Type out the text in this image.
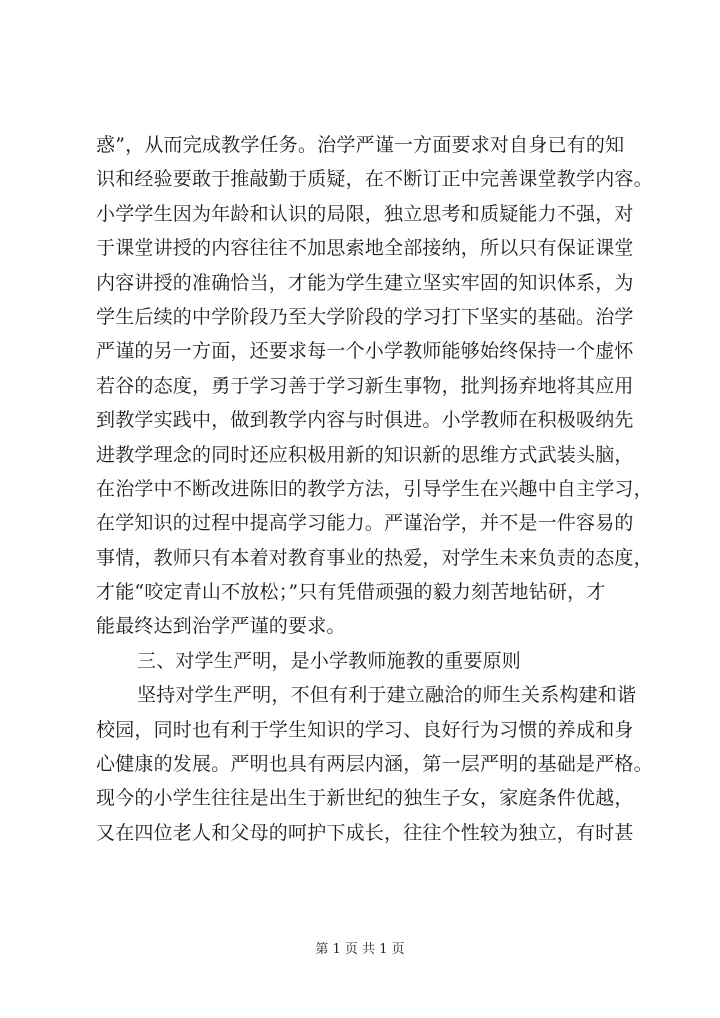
惑”，从而完成教学任务。治学严谨一方面要求对自身已有的知
识和经验要敢于推敲勤于质疑，在不断订正中完善课堂教学内容。
小学学生因为年龄和认识的局限，独立思考和质疑能力不强，对
于课堂讲授的内容往往不加思索地全部接纳，所以只有保证课堂
内容讲授的准确恰当，才能为学生建立坚实牢固的知识体系，为
学生后续的中学阶段乃至大学阶段的学习打下坚实的基础。治学
严谨的另一方面，还要求每一个小学教师能够始终保持一个虚怀
若谷的态度，勇于学习善于学习新生事物，批判扬弃地将其应用
到教学实践中，做到教学内容与时俱进。小学教师在积极吸纳先
进教学理念的同时还应积极用新的知识新的思维方式武装头脑，
在治学中不断改进陈旧的教学方法，引导学生在兴趣中自主学习，
在学知识的过程中提高学习能力。严谨治学，并不是一件容易的
事情，教师只有本着对教育事业的热爱，对学生未来负责的态度，
才能“咬定青山不放松；”只有凭借顽强的毅力刻苦地钻研，才
能最终达到治学严谨的要求。
三、对学生严明，是小学教师施教的重要原则
坚持对学生严明，不但有利于建立融洽的师生关系构建和谐
校园，同时也有利于学生知识的学习、良好行为习惯的养成和身
心健康的发展。严明也具有两层内涵，第一层严明的基础是严格。
现今的小学生往往是出生于新世纪的独生子女，家庭条件优越，
又在四位老人和父母的呵护下成长，往往个性较为独立，有时甚
第 1 页 共 1 页
